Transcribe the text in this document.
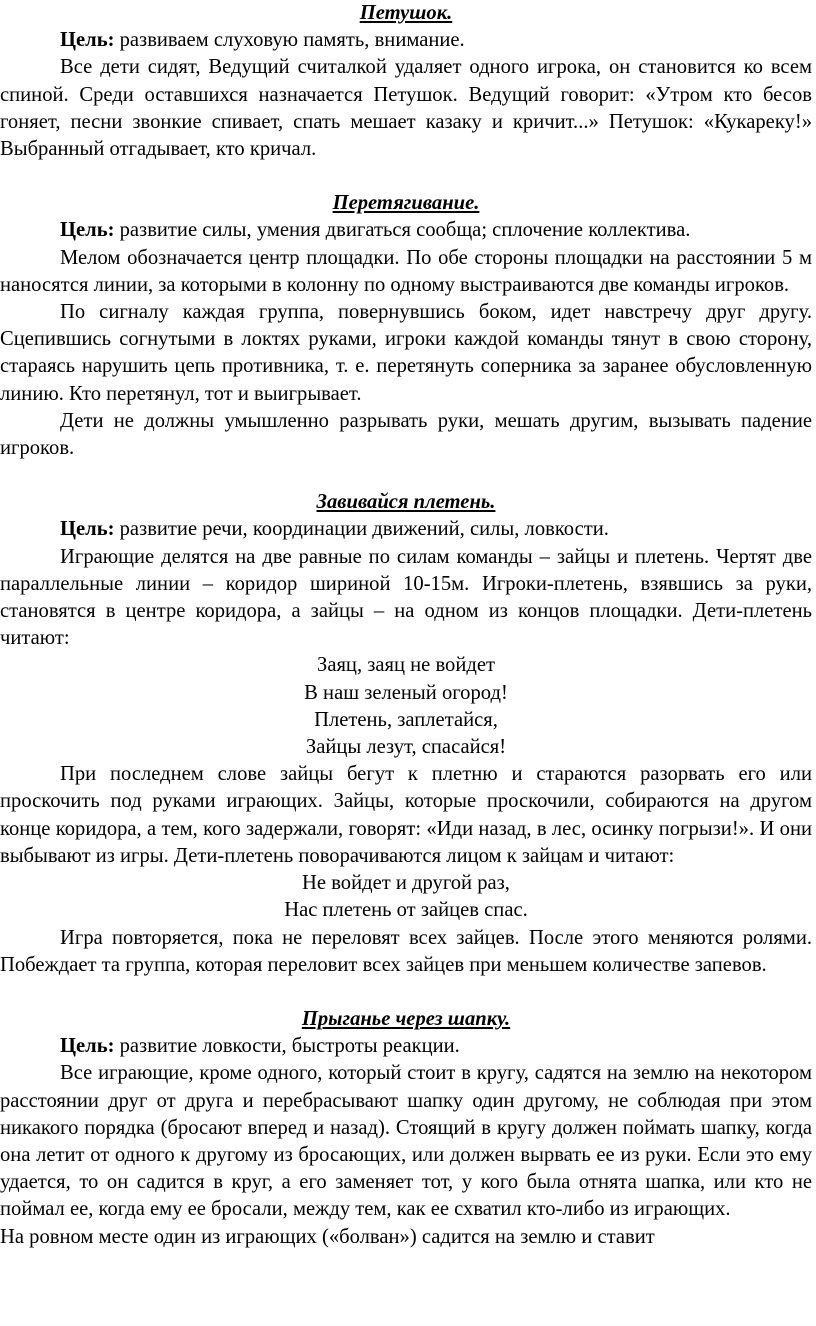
Петушок.

Цель: развиваем слуховую память, внимание.

Все дети сидят, Ведущий считалкой удаляет одного игрока, он становится ко всем спиной. Среди оставшихся назначается Петушок. Ведущий говорит: «Утром кто бесов гоняет, песни звонкие спивает, спать мешает казаку и кричит...» Петушок: «Кукареку!» Выбранный отгадывает, кто кричал.

Перетягивание.

Цель: развитие силы, умения двигаться сообща; сплочение коллектива.

Мелом обозначается центр площадки. По обе стороны площадки на расстоянии 5 м наносятся линии, за которыми в колонну по одному выстраиваются две команды игроков.

По сигналу каждая группа, повернувшись боком, идет навстречу друг другу. Сцепившись согнутыми в локтях руками, игроки каждой команды тянут в свою сторону, стараясь нарушить цепь противника, т. е. перетянуть соперника за заранее обусловленную линию. Кто перетянул, тот и выигрывает.

Дети не должны умышленно разрывать руки, мешать другим, вызывать падение игроков.

Завивайся плетень.

Цель: развитие речи, координации движений, силы, ловкости.

Играющие делятся на две равные по силам команды – зайцы и плетень. Чертят две параллельные линии – коридор шириной 10-15м. Игроки-плетень, взявшись за руки, становятся в центре коридора, а зайцы – на одном из концов площадки. Дети-плетень читают:

Заяц, заяц не войдет
В наш зеленый огород!
Плетень, заплетайся,
Зайцы лезут, спасайся!

При последнем слове зайцы бегут к плетню и стараются разорвать его или проскочить под руками играющих. Зайцы, которые проскочили, собираются на другом конце коридора, а тем, кого задержали, говорят: «Иди назад, в лес, осинку погрызи!». И они выбывают из игры. Дети-плетень поворачиваются лицом к зайцам и читают:

Не войдет и другой раз,
Нас плетень от зайцев спас.

Игра повторяется, пока не переловят всех зайцев. После этого меняются ролями. Побеждает та группа, которая переловит всех зайцев при меньшем количестве запевов.

Прыганье через шапку.

Цель: развитие ловкости, быстроты реакции.

Все играющие, кроме одного, который стоит в кругу, садятся на землю на некотором расстоянии друг от друга и перебрасывают шапку один другому, не соблюдая при этом никакого порядка (бросают вперед и назад). Стоящий в кругу должен поймать шапку, когда она летит от одного к другому из бросающих, или должен вырвать ее из руки. Если это ему удается, то он садится в круг, а его заменяет тот, у кого была отнята шапка, или кто не поймал ее, когда ему ее бросали, между тем, как ее схватил кто-либо из играющих.

На ровном месте один из играющих («болван») садится на землю и ставит
